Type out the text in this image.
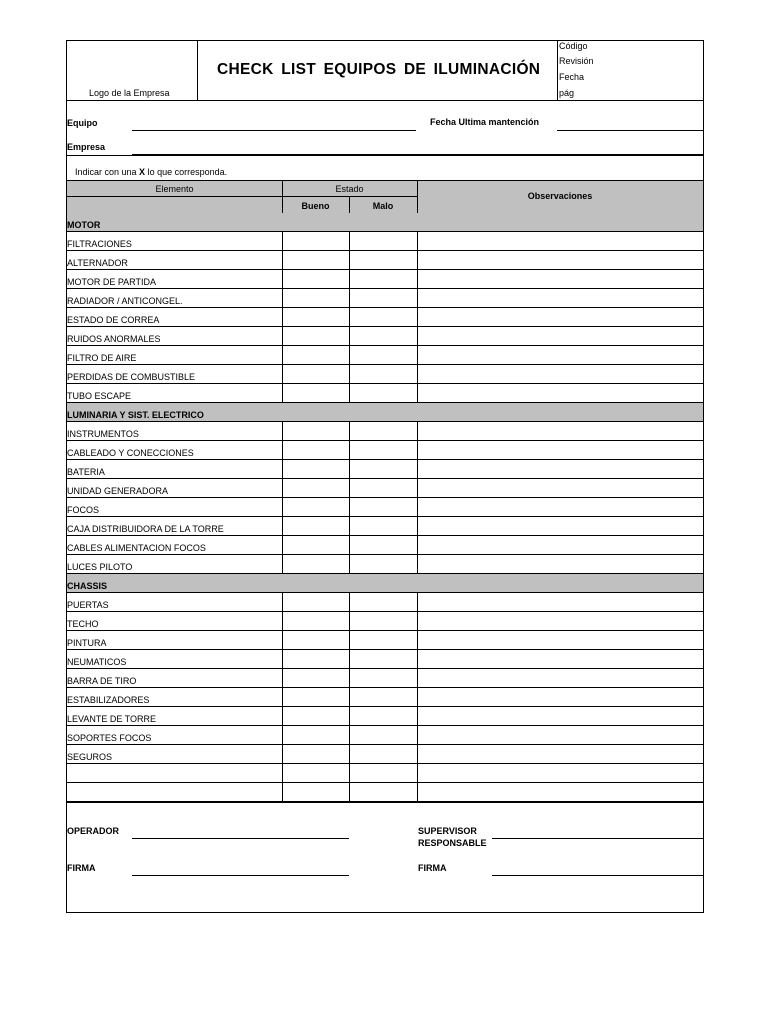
Logo de la Empresa
CHECK LIST EQUIPOS DE ILUMINACIÓN
Código
Revisión
Fecha
pág
Equipo	Fecha Ultima mantención
Empresa
Indicar con una X lo que corresponda.
Elemento	Estado
Bueno	Malo
Observaciones
MOTOR
FILTRACIONES
ALTERNADOR
MOTOR DE PARTIDA
RADIADOR / ANTICONGEL.
ESTADO DE CORREA
RUIDOS ANORMALES
FILTRO DE AIRE
PERDIDAS DE COMBUSTIBLE
TUBO ESCAPE
LUMINARIA Y SIST. ELECTRICO
INSTRUMENTOS
CABLEADO Y CONECCIONES
BATERIA
UNIDAD GENERADORA
FOCOS
CAJA DISTRIBUIDORA DE LA TORRE
CABLES ALIMENTACION FOCOS
LUCES PILOTO
CHASSIS
PUERTAS
TECHO
PINTURA
NEUMATICOS
BARRA DE TIRO
ESTABILIZADORES
LEVANTE DE TORRE
SOPORTES FOCOS
SEGUROS
OPERADOR	SUPERVISOR
RESPONSABLE
FIRMA	FIRMA
